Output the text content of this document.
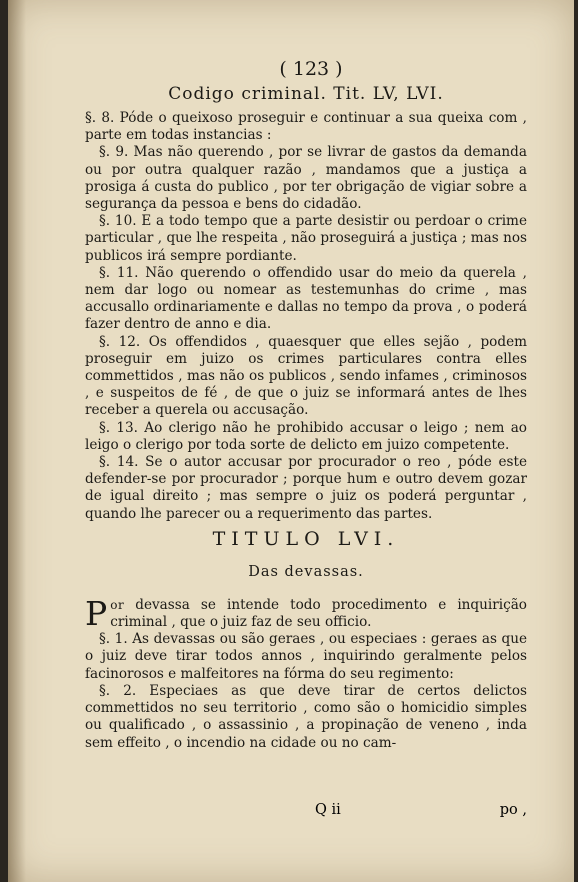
( 123 )
Codigo criminal. Tit. LV, LVI.

§. 8. Póde o queixoso proseguir e continuar a sua queixa com , parte em todas instancias :

§. 9. Mas não querendo , por se livrar de gastos da demanda ou por outra qualquer razão , mandamos que a justiça a prosiga á custa do publico , por ter obrigação de vigiar sobre a segurança da pessoa e bens do cidadão.

§. 10. E a todo tempo que a parte desistir ou perdoar o crime particular , que lhe respeita , não proseguirá a justiça ; mas nos publicos irá sempre pordiante.

§. 11. Não querendo o offendido usar do meio da querela , nem dar logo ou nomear as testemunhas do crime , mas accusallo ordinariamente e dallas no tempo da prova , o poderá fazer dentro de anno e dia.

§. 12. Os offendidos , quaesquer que elles sejão , podem proseguir em juizo os crimes particulares contra elles commettidos , mas não os publicos , sendo infames , criminosos , e suspeitos de fé , de que o juiz se informará antes de lhes receber a querela ou accusação.

§. 13. Ao clerigo não he prohibido accusar o leigo ; nem ao leigo o clerigo por toda sorte de delicto em juizo competente.

§. 14. Se o autor accusar por procurador o reo , póde este defender-se por procurador ; porque hum e outro devem gozar de igual direito ; mas sempre o juiz os poderá perguntar , quando lhe parecer ou a requerimento das partes.

TITULO LVI.
Das devassas.

Por devassa se intende todo procedimento e inquirição criminal , que o juiz faz de seu officio.

§. 1. As devassas ou são geraes , ou especiaes : geraes as que o juiz deve tirar todos annos , inquirindo geralmente pelos facinorosos e malfeitores na fórma do seu regimento:

§. 2. Especiaes as que deve tirar de certos delictos commettidos no seu territorio , como são o homicidio simples ou qualificado , o assassinio , a propinação de veneno , inda sem effeito , o incendio na cidade ou no cam-

Q ii	po ,
